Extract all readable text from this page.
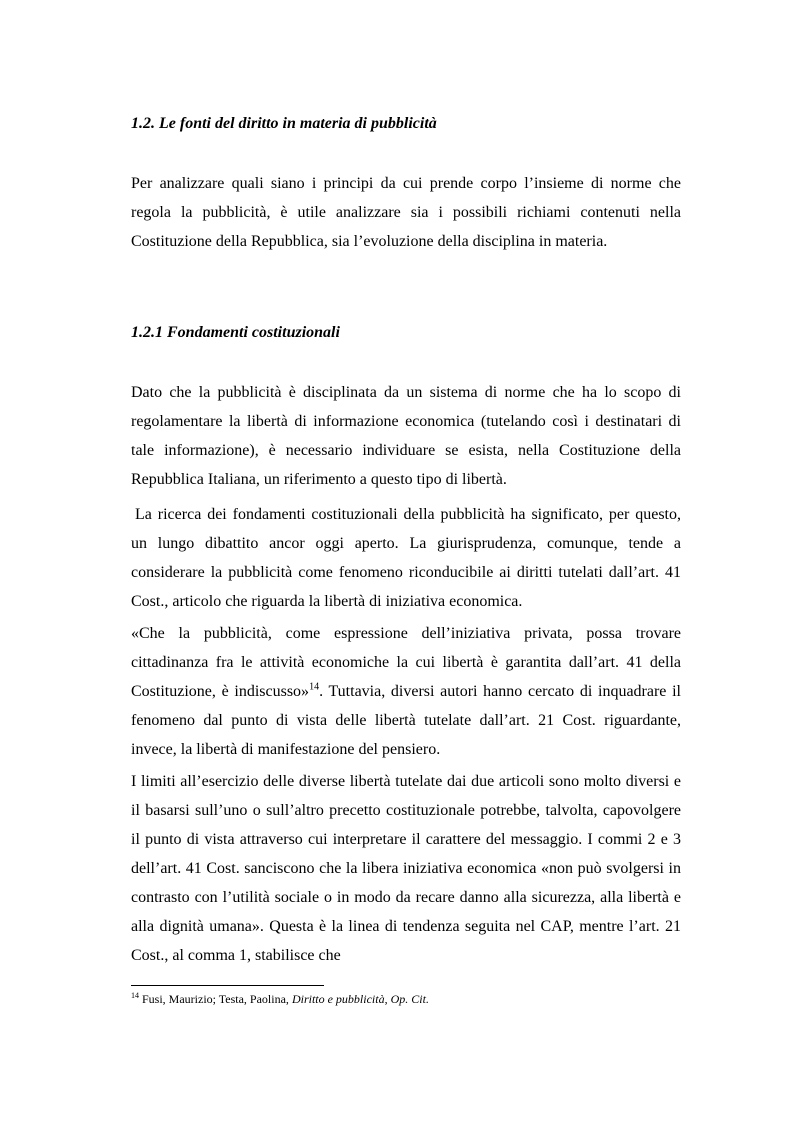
1.2. Le fonti del diritto in materia di pubblicità

Per analizzare quali siano i principi da cui prende corpo l’insieme di norme che regola la pubblicità, è utile analizzare sia i possibili richiami contenuti nella Costituzione della Repubblica, sia l’evoluzione della disciplina in materia.

1.2.1 Fondamenti costituzionali

Dato che la pubblicità è disciplinata da un sistema di norme che ha lo scopo di regolamentare la libertà di informazione economica (tutelando così i destinatari di tale informazione), è necessario individuare se esista, nella Costituzione della Repubblica Italiana, un riferimento a questo tipo di libertà.

La ricerca dei fondamenti costituzionali della pubblicità ha significato, per questo, un lungo dibattito ancor oggi aperto. La giurisprudenza, comunque, tende a considerare la pubblicità come fenomeno riconducibile ai diritti tutelati dall’art. 41 Cost., articolo che riguarda la libertà di iniziativa economica.

«Che la pubblicità, come espressione dell’iniziativa privata, possa trovare cittadinanza fra le attività economiche la cui libertà è garantita dall’art. 41 della Costituzione, è indiscusso»$^{14}$. Tuttavia, diversi autori hanno cercato di inquadrare il fenomeno dal punto di vista delle libertà tutelate dall’art. 21 Cost. riguardante, invece, la libertà di manifestazione del pensiero.

I limiti all’esercizio delle diverse libertà tutelate dai due articoli sono molto diversi e il basarsi sull’uno o sull’altro precetto costituzionale potrebbe, talvolta, capovolgere il punto di vista attraverso cui interpretare il carattere del messaggio. I commi 2 e 3 dell’art. 41 Cost. sanciscono che la libera iniziativa economica «non può svolgersi in contrasto con l’utilità sociale o in modo da recare danno alla sicurezza, alla libertà e alla dignità umana». Questa è la linea di tendenza seguita nel CAP, mentre l’art. 21 Cost., al comma 1, stabilisce che

$^{14}$ Fusi, Maurizio; Testa, Paolina, Diritto e pubblicità, Op. Cit.
